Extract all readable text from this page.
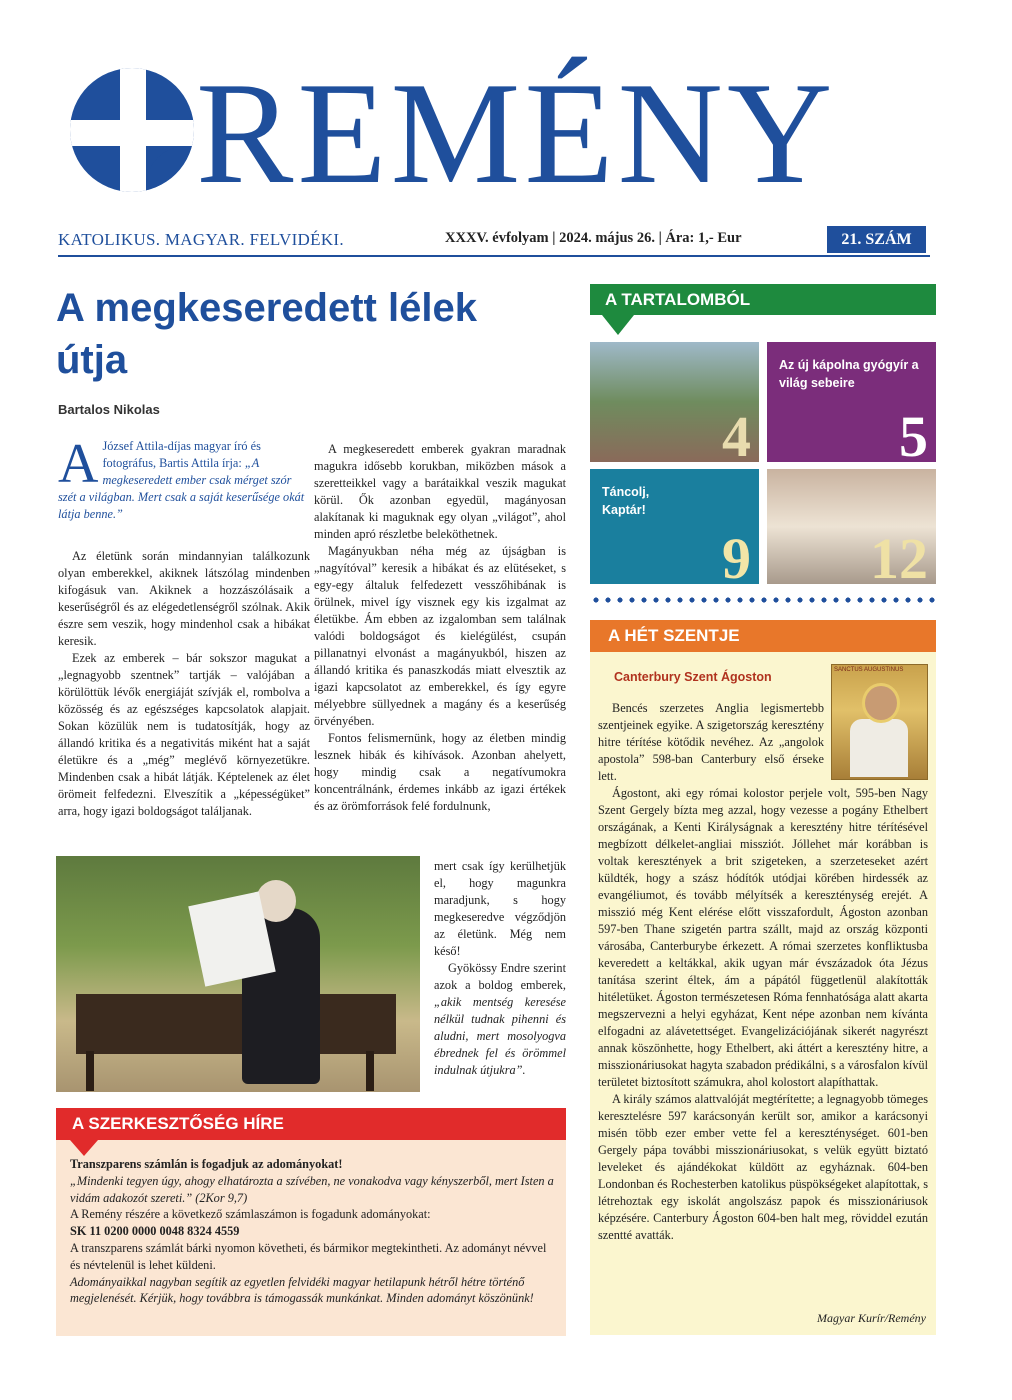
REMÉNY
KATOLIKUS. MAGYAR. FELVIDÉKI.	XXXV. évfolyam | 2024. május 26. | Ára: 1,- Eur	21. SZÁM
A megkeseredett lélek útja
Bartalos Nikolas
A József Attila-díjas magyar író és fotográfus, Bartis Attila írja: „A megkeseredett ember csak mérget szór szét a világban. Mert csak a saját keserűsége okát látja benne.”

Az életünk során mindannyian találkozunk olyan emberekkel, akiknek látszólag mindenben kifogásuk van. Akiknek a hozzászólásaik a keserűségről és az elégedetlenségről szólnak. Akik észre sem veszik, hogy mindenhol csak a hibákat keresik.

Ezek az emberek – bár sokszor magukat a „legnagyobb szentnek” tartják – valójában a körülöttük lévők energiáját szívják el, rombolva a közösség és az egészséges kapcsolatok alapjait. Sokan közülük nem is tudatosítják, hogy az állandó kritika és a negativitás miként hat a saját életükre és a „még” meglévő környezetükre. Mindenben csak a hibát látják. Képtelenek az élet örömeit felfedezni. Elveszítik a „képességüket” arra, hogy igazi boldogságot találjanak.

A megkeseredett emberek gyakran maradnak magukra idősebb korukban, miközben mások a szeretteikkel vagy a barátaikkal veszik magukat körül. Ők azonban egyedül, magányosan alakítanak ki maguknak egy olyan „világot”, ahol minden apró részletbe beleköthetnek.

Magányukban néha még az újságban is „nagyítóval” keresik a hibákat és az elütéseket, s egy-egy általuk felfedezett vesszőhibának is örülnek, mivel így visznek egy kis izgalmat az életükbe. Ám ebben az izgalomban sem találnak valódi boldogságot és kielégülést, csupán pillanatnyi elvonást a magányukból, hiszen az állandó kritika és panaszkodás miatt elvesztik az igazi kapcsolatot az emberekkel, és így egyre mélyebbre süllyednek a magány és a keserűség örvényében.

Fontos felismernünk, hogy az életben mindig lesznek hibák és kihívások. Azonban ahelyett, hogy mindig csak a negatívumokra koncentrálnánk, érdemes inkább az igazi értékek és az örömforrások felé fordulnunk,

mert csak így kerülhetjük el, hogy magunkra maradjunk, s hogy megkeseredve végződjön az életünk. Még nem késő!

Gyökössy Endre szerint azok a boldog emberek, „akik mentség keresése nélkül tudnak pihenni és aludni, mert mosolyogva ébrednek fel és örömmel indulnak útjukra”.

A TARTALOMBÓL
4
Az új kápolna gyógyír a világ sebeire
5
Táncolj, Kaptár!
9 12
A HÉT SZENTJE
Canterbury Szent Ágoston	SANCTUS AUGUSTINUS

Bencés szerzetes Anglia legismertebb szentjeinek egyike. A szigetország keresztény hitre térítése kötődik nevéhez. Az „angolok apostola” 598-ban Canterbury első érseke lett.

Ágostont, aki egy római kolostor perjele volt, 595-ben Nagy Szent Gergely bízta meg azzal, hogy vezesse a pogány Ethelbert országának, a Kenti Királyságnak a keresztény hitre térítésével megbízott délkelet-angliai missziót. Jóllehet már korábban is voltak keresztények a brit szigeteken, a szerzeteseket azért küldték, hogy a szász hódítók utódjai körében hirdessék az evangéliumot, és tovább mélyítsék a kereszténység erejét. A misszió még Kent elérése előtt visszafordult, Ágoston azonban 597-ben Thane szigetén partra szállt, majd az ország központi városába, Canterburybe érkezett. A római szerzetes konfliktusba keveredett a keltákkal, akik ugyan már évszázadok óta Jézus tanítása szerint éltek, ám a pápától függetlenül alakították hitéletüket. Ágoston természetesen Róma fennhatósága alatt akarta megszervezni a helyi egyházat, Kent népe azonban nem kívánta elfogadni az alávetettséget. Evangelizációjának sikerét nagyrészt annak köszönhette, hogy Ethelbert, aki áttért a keresztény hitre, a misszionáriusokat hagyta szabadon prédikálni, s a városfalon kívül területet biztosított számukra, ahol kolostort alapíthattak.

A király számos alattvalóját megtérítette; a legnagyobb tömeges keresztelésre 597 karácsonyán került sor, amikor a karácsonyi misén több ezer ember vette fel a kereszténységet. 601-ben Gergely pápa további misszionáriusokat, s velük együtt biztató leveleket és ajándékokat küldött az egyháznak. 604-ben Londonban és Rochesterben katolikus püspökségeket alapítottak, s létrehoztak egy iskolát angolszász papok és misszionáriusok képzésére. Canterbury Ágoston 604-ben halt meg, röviddel ezután szentté avatták.

Magyar Kurír/Remény
A SZERKESZTŐSÉG HÍRE
Transzparens számlán is fogadjuk az adományokat!
„Mindenki tegyen úgy, ahogy elhatározta a szívében, ne vonakodva vagy kényszerből, mert Isten a vidám adakozót szereti.” (2Kor 9,7)
A Remény részére a következő számlaszámon is fogadunk adományokat:
SK 11 0200 0000 0048 8324 4559
A transzparens számlát bárki nyomon követheti, és bármikor megtekintheti. Az adományt névvel és névtelenül is lehet küldeni.
Adományaikkal nagyban segítik az egyetlen felvidéki magyar hetilapunk hétről hétre történő megjelenését. Kérjük, hogy továbbra is támogassák munkánkat. Minden adományt köszönünk!
